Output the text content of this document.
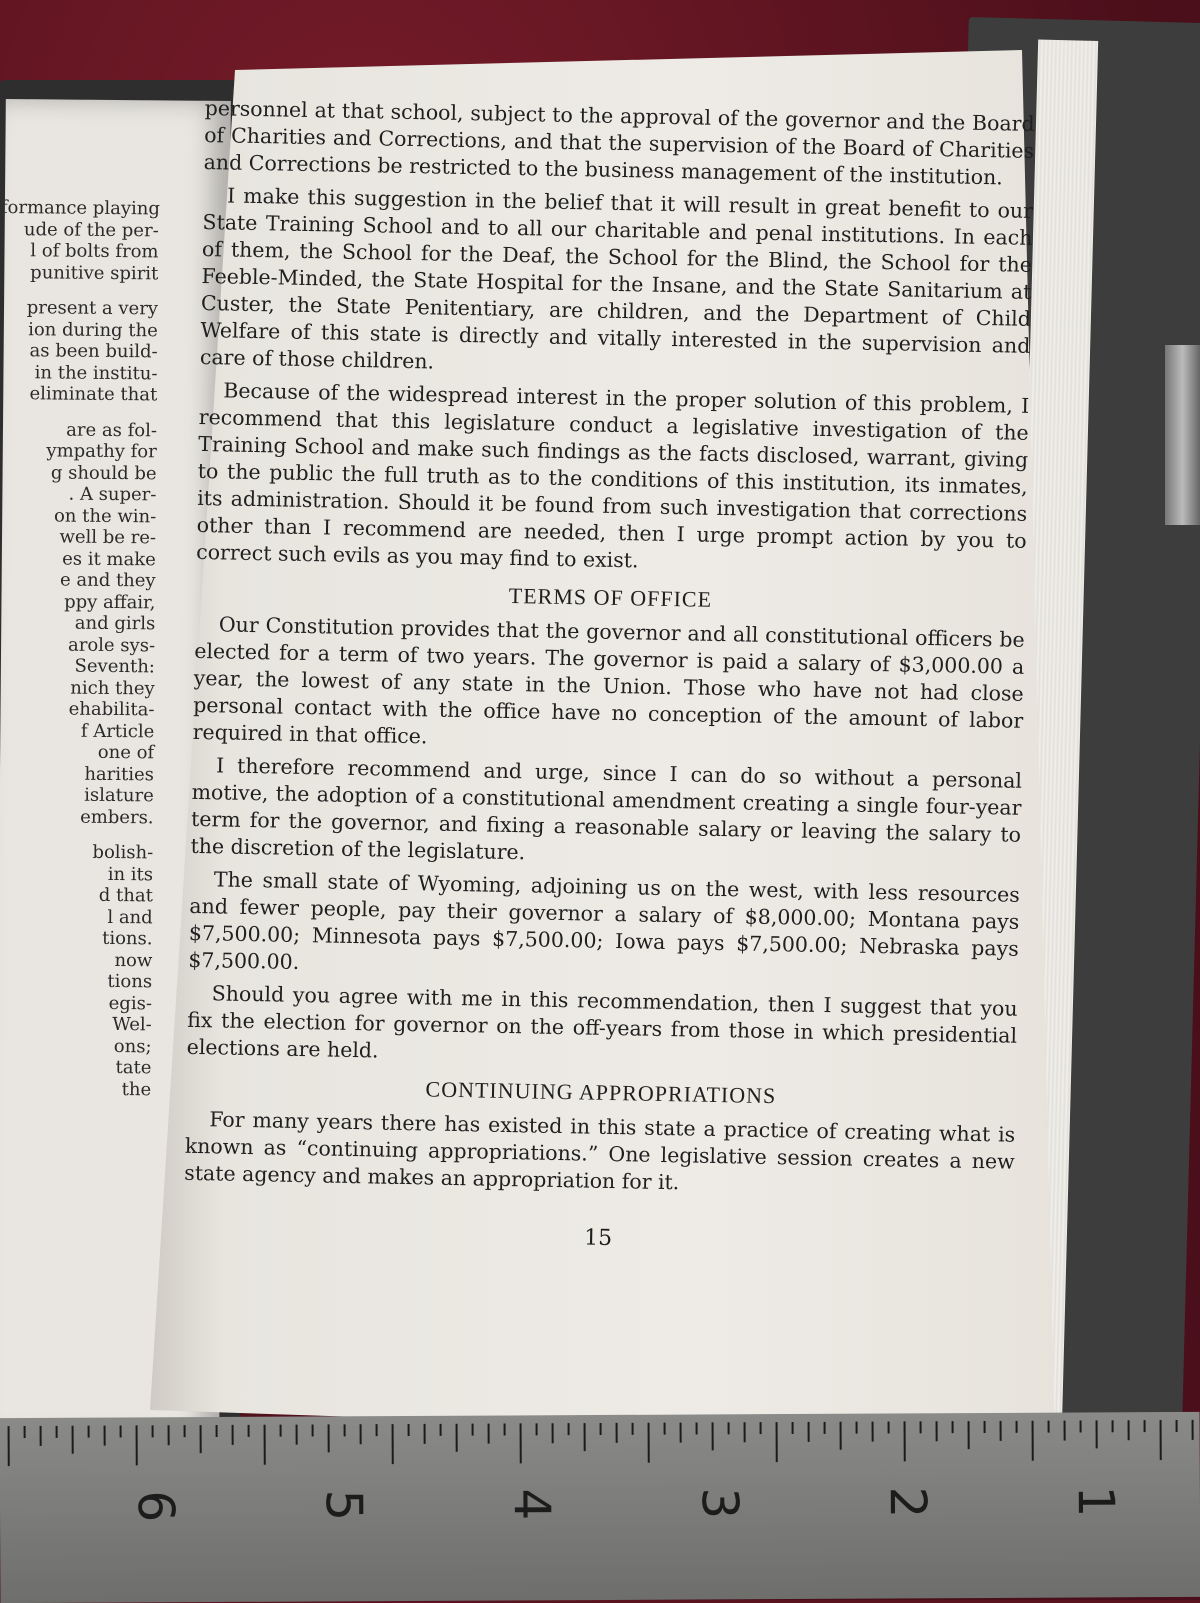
formance playing
ude of the per-
l of bolts from
punitive spirit
present a very
ion during the
as been build-
in the institu-
eliminate that
are as fol-
ympathy for
g should be
. A super-
on the win-
well be re-
es it make
e and they
ppy affair,
and girls
arole sys-
Seventh:
nich they
ehabilita-
f Article
one of
harities
islature
embers.
bolish-
in its
d that
l and
tions.
now
tions
egis-
Wel-
ons;
tate
the

personnel at that school, subject to the approval of the governor and the Board of Charities and Corrections, and that the supervision of the Board of Charities and Corrections be restricted to the business management of the institution.

I make this suggestion in the belief that it will result in great benefit to our State Training School and to all our charitable and penal institutions. In each of them, the School for the Deaf, the School for the Blind, the School for the Feeble-Minded, the State Hospital for the Insane, and the State Sanitarium at Custer, the State Penitentiary, are children, and the Department of Child Welfare of this state is directly and vitally interested in the supervision and care of those children.

Because of the widespread interest in the proper solution of this problem, I recommend that this legislature conduct a legislative investigation of the Training School and make such findings as the facts disclosed, warrant, giving to the public the full truth as to the conditions of this institution, its inmates, its administration. Should it be found from such investigation that corrections other than I recommend are needed, then I urge prompt action by you to correct such evils as you may find to exist.

TERMS OF OFFICE

Our Constitution provides that the governor and all constitutional officers be elected for a term of two years. The governor is paid a salary of $3,000.00 a year, the lowest of any state in the Union. Those who have not had close personal contact with the office have no conception of the amount of labor required in that office.

I therefore recommend and urge, since I can do so without a personal motive, the adoption of a constitutional amendment creating a single four-year term for the governor, and fixing a reasonable salary or leaving the salary to the discretion of the legislature.

The small state of Wyoming, adjoining us on the west, with less resources and fewer people, pay their governor a salary of $8,000.00; Montana pays $7,500.00; Minnesota pays $7,500.00; Iowa pays $7,500.00; Nebraska pays $7,500.00.

Should you agree with me in this recommendation, then I suggest that you fix the election for governor on the off-years from those in which presidential elections are held.

CONTINUING APPROPRIATIONS

For many years there has existed in this state a practice of creating what is known as “continuing appropriations.” One legislative session creates a new state agency and makes an appropriation for it.

15
6	5	4	3	2	1
